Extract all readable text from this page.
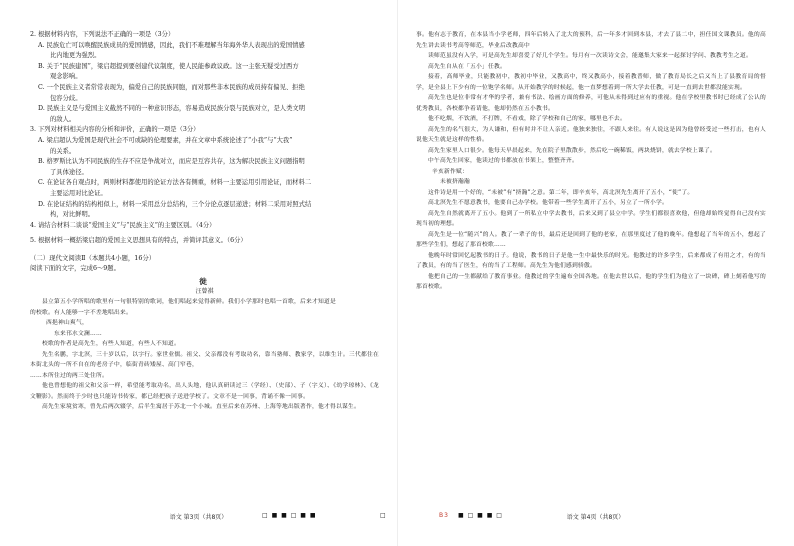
2. 根据材料内容，下列说法不正确的一项是（3分）
A. 民族危亡可以唤醒民族成员的爱国情感，因此，我们不难理解当年海外华人表现出的爱国情感
比内地更为强烈。
B. 关于“民族建国”，梁启超提到要创建代议制度，使人民能参政议政。这一主张无疑受过西方
观念影响。
C. 一个民族主义者常常表现为，偏爱自己的民族同胞，而对那些非本民族的成员持有偏见、拒绝
包容分歧。
D. 民族主义是与爱国主义截然不同的一种意识形态，容易造成民族分裂与民族对立，是人类文明
的敌人。
3. 下列对材料相关内容的分析和评价，正确的一项是（3分）
A. 梁启超认为爱国是现代社会不可或缺的伦理要素，并在文章中系统论述了“小我”与“大我”
的关系。
B. 格罗斯比认为不同民族的生存不应是争战对立，而应是互容共存，这为解决民族主义问题指明
了具体途径。
C. 在论证各自观点时，两则材料都使用的论证方法各有侧重，材料一主要运用引用论证，而材料二
主要运用对比论证。
D. 在论证结构的结构相似上，材料一采用总分总结构，三个分论点逐层递进；材料二采用对照式结
构，对比鲜明。
4. 请结合材料二谈谈“爱国主义”与“民族主义”的主要区别。（4分）
5. 根据材料一概括梁启超的爱国主义思想具有的特点，并简评其意义。（6分）
（二）现代文阅读Ⅱ（本题共4小题，16分）
阅读下面的文字，完成6～9题。
徙
汪曾祺

县立第五小学所唱的歌里有一句很特别的歌词，他们唱起来觉得新鲜。我们小学那时也唱一首歌，后来才知道是

的校歌。有人能够一字不差地唱出来。

西挹神山爽气，

东来邗水文澜……

校歌的作者是高先生，有些人知道，有些人不知道。

先生名鹏，字北溟，三十岁以后，以字行。家世业儒。祖父、父亲都没有考取功名，靠当塾师、教家学，以维生计。三代都住在本街北头的一所不自在的老房子中，临街青砖矮屋、高门窄巷，

……本所住过的两三处住所。

他也曾想他的祖父和父亲一样，希望能考取功名，出人头地，他认真研读过三（学经）、（史部）、子（字义）、《幼学琼林》、《龙文鞭影》。然而终于少时也只能诗书传家，都已经把孩子送进学校了。文章不是一回事，背诵不像一回事。

高先生家境贫寒，曾先后两次辍学，后半生寓居于苏北一个小城。直至后来在苏州、上海等地出版著作，他才得以谋生。

事。他有志于教育，在本县当小学老师，四年后转入了北大的预科，后一年多才回到本县，才去了县二中，担任国文课教员。他的高先生讲去读书考高等师范，毕业后改教高中

读师范虽没有入学，可是高先生却喜爱了好几个学生。每月有一次读诗文会，能邀集大家来一起探讨学问、教教考生之道。

高先生自从在「五小」任教。

接着，高师毕业，只能教初中，教初中毕业，又教高中，终又教高小，接着教普师，做了教育局长之后又当上了县教育局的督学，是全县上下少有的一位饱学名师。从开始教学的时候起，他一直梦想着到一所大学去任教，可是一直到去世都没能实现。

高先生也是位非常有才华的学者，兼有书法、绘画方面的修养，可他从未得到过应有的重视。他在学校里教书时已经成了公认的优秀教员，各校都争着请他，他却仍然在五小教书。

他不吃烟，不饮酒，不打牌，不看戏，除了学校和自己的家，哪里也不去。

高先生的名气很大，为人谦和，但有时并不让人亲近。他独来独往，不跟人来往。有人说这是因为他曾经受过一些打击，也有人说他天生就是这样的性格。

高先生家里人口很少。他每天早晨起来，先在院子里散散步，然后吃一碗稀饭，两块烧饼，就去学校上课了。

中午高先生回家，他读过的书都放在书架上，整整齐齐。

辛亥新作赋：

未被挤瀚瀚

这件诗是用一个好的，“未被”有“挤瀚”之意。第二年，即辛亥年，高北溟先生离开了五小，“徙”了。

高北溟先生不愿意教书，他要自己办学校。他带着一些学生离开了五小，另立了一所小学。

高先生自然就离开了五小。他到了一所私立中学去教书，后来又到了县立中学。学生们都很喜欢他，但他却始终觉得自己没有实现当初的理想。

高先生是一位“随兴”的人。教了一辈子的书，最后还是回到了他的老家，在那里度过了他的晚年。他想起了当年的五小，想起了那些学生们，想起了那首校歌……

他晚年时常回忆起教书的日子。他说，教书的日子是他一生中最快乐的时光。他教过的许多学生，后来都成了有用之才，有的当了教员，有的当了医生，有的当了工程师。高先生为他们感到骄傲。

他把自己的一生都献给了教育事业。他教过的学生遍布全国各地。在他去世以后，他的学生们为他立了一块碑，碑上刻着他写的那首校歌。

语文 第3页（共8页）	语文 第4页（共8页）
□ ■ ■ □ ■ ■	B3
□	■ □ ■ ■ □
